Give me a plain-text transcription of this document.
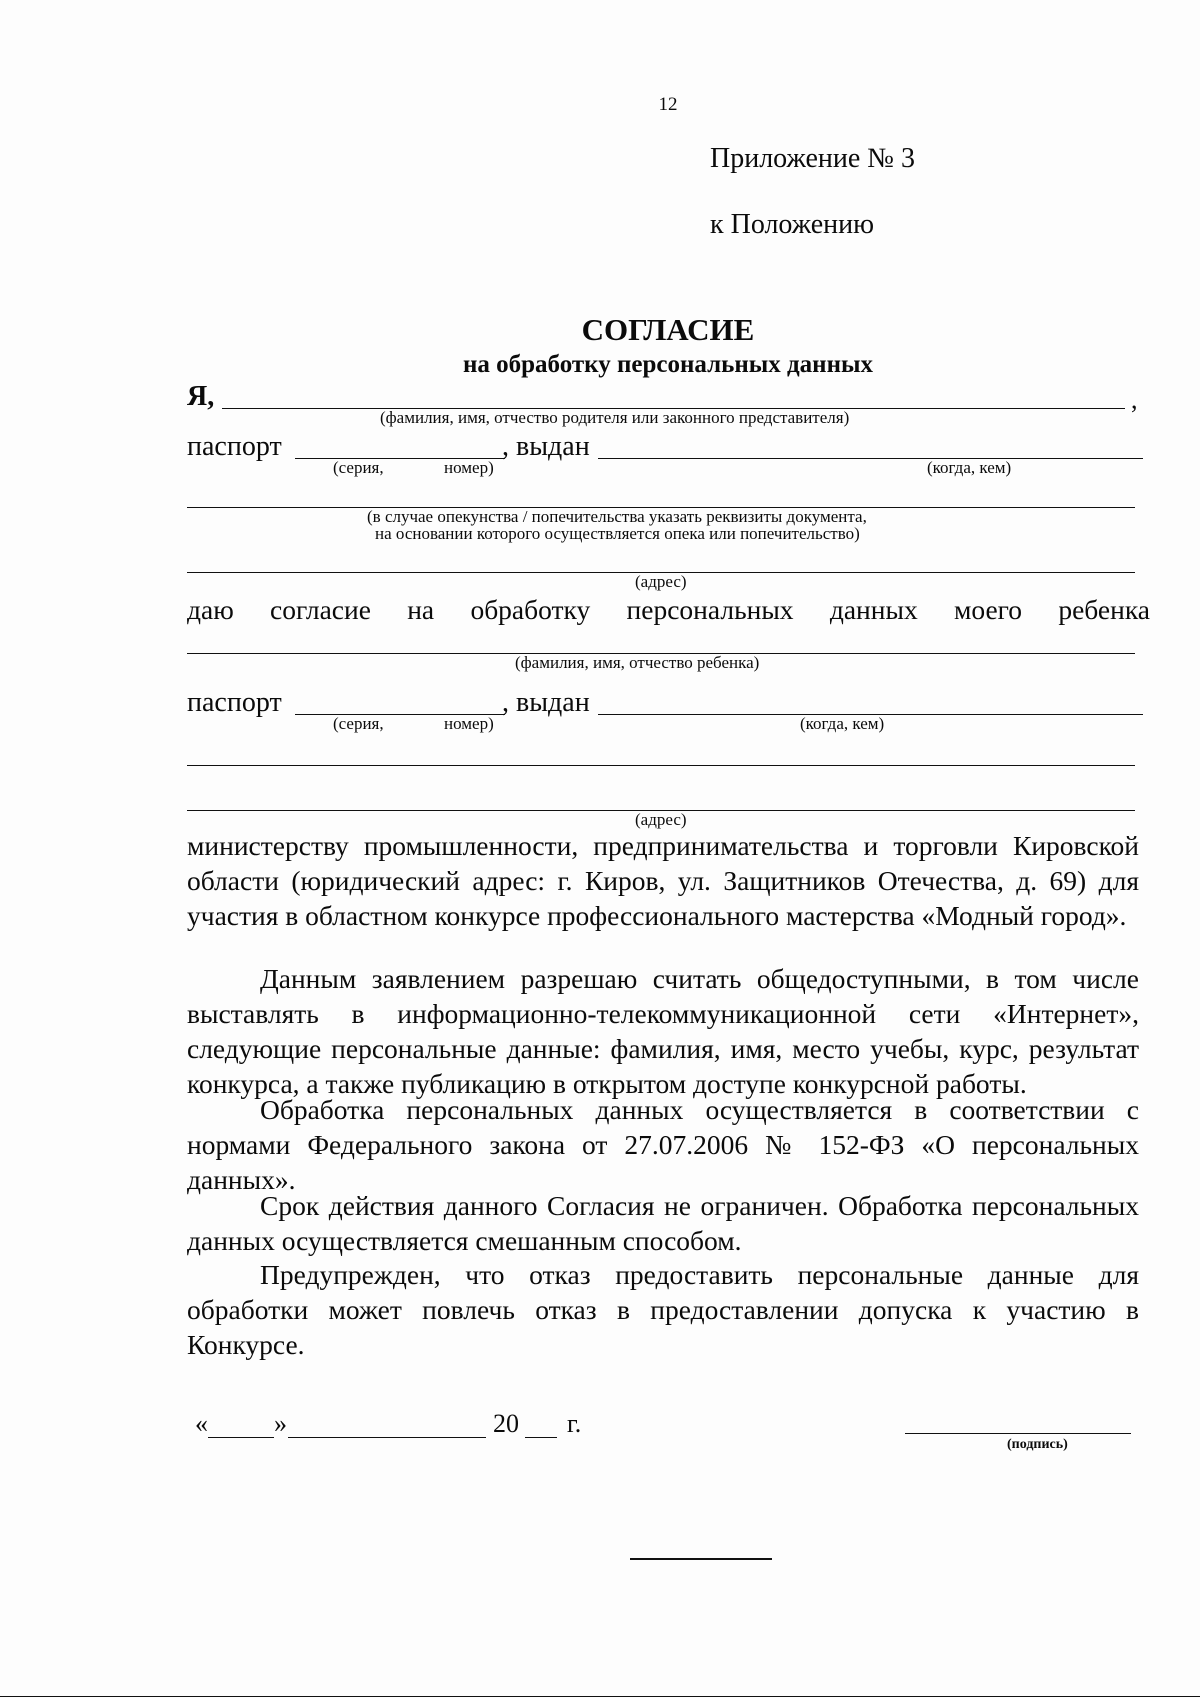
12
Приложение № 3
к Положению
СОГЛАСИЕ
на обработку персональных данных
Я,	,
(фамилия, имя, отчество родителя или законного представителя)
паспорт	, выдан
(серия,	номер)	(когда, кем)
(в случае опекунства / попечительства указать реквизиты документа,
на основании которого осуществляется опека или попечительство)
(адрес)
даю согласие на обработку персональных данных моего ребенка
(фамилия, имя, отчество ребенка)
паспорт	, выдан
(серия,	номер)	(когда, кем)
(адрес)
министерству промышленности, предпринимательства и торговли Кировской области (юридический адрес: г. Киров, ул. Защитников Отечества, д. 69) для участия в областном конкурсе профессионального мастерства «Модный город».
Данным заявлением разрешаю считать общедоступными, в том числе выставлять в информационно-телекоммуникационной сети «Интернет», следующие персональные данные: фамилия, имя, место учебы, курс, результат конкурса, а также публикацию в открытом доступе конкурсной работы.
Обработка персональных данных осуществляется в соответствии с нормами Федерального закона от 27.07.2006 № 152-ФЗ «О персональных данных».
Срок действия данного Согласия не ограничен. Обработка персональных данных осуществляется смешанным способом.
Предупрежден, что отказ предоставить персональные данные для обработки может повлечь отказ в предоставлении допуска к участию в Конкурсе.
«	»	20 г.
(подпись)
